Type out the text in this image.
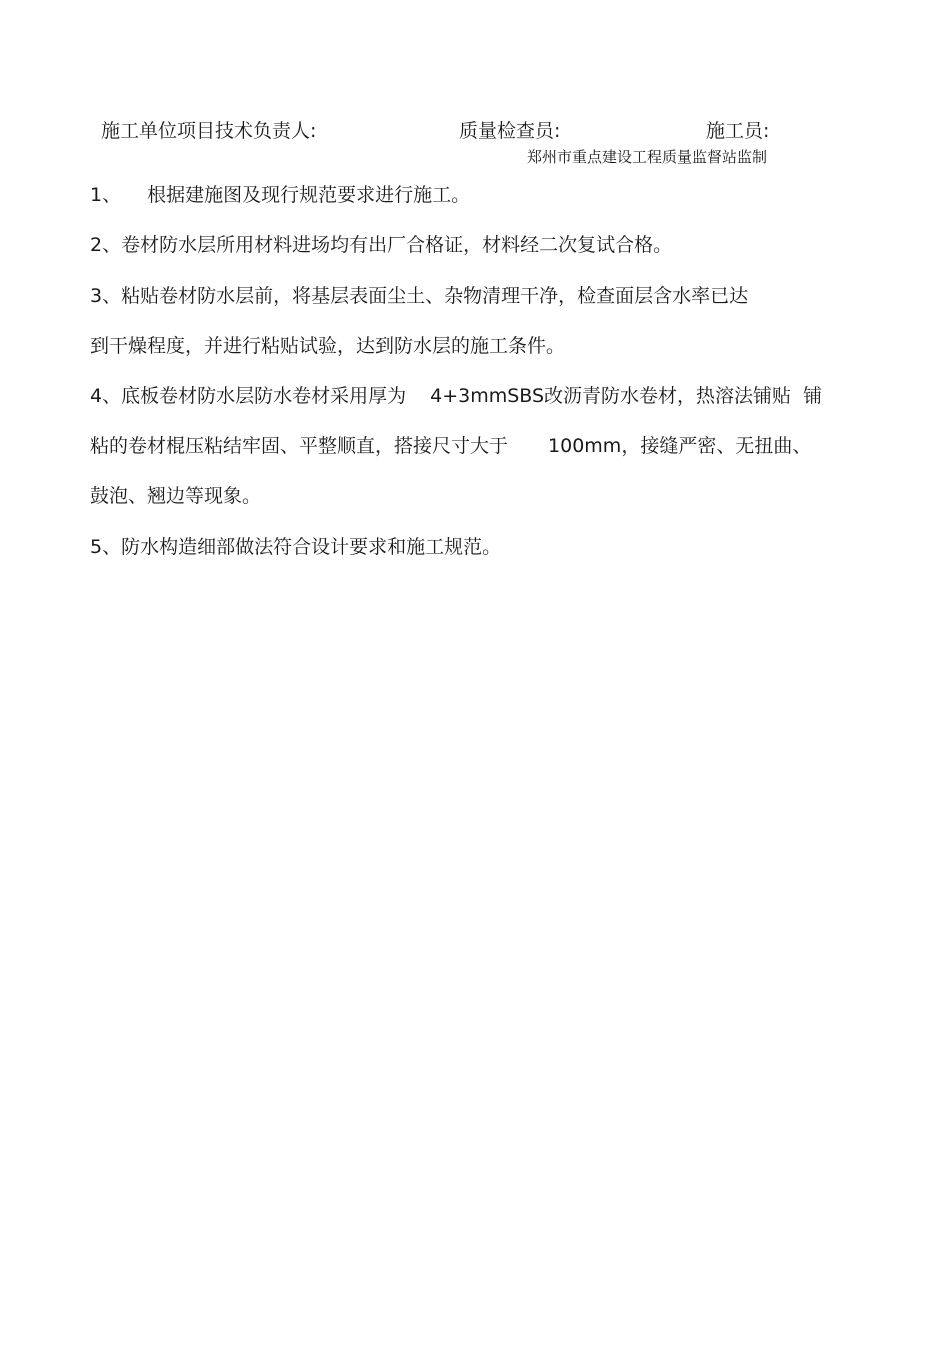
施工单位项目技术负责人:	质量检查员:	施工员:
郑州市重点建设工程质量监督站监制
1、 根据建施图及现行规范要求进行施工。
2、卷材防水层所用材料进场均有出厂合格证，材料经二次复试合格。
3、粘贴卷材防水层前，将基层表面尘土、杂物清理干净，检查面层含水率已达
到干燥程度，并进行粘贴试验，达到防水层的施工条件。
4、底板卷材防水层防水卷材采用厚为 4+3mmSBS改沥青防水卷材，热溶法铺贴 铺
粘的卷材棍压粘结牢固、平整顺直，搭接尺寸大于 100mm，接缝严密、无扭曲、
鼓泡、翘边等现象。
5、防水构造细部做法符合设计要求和施工规范。
